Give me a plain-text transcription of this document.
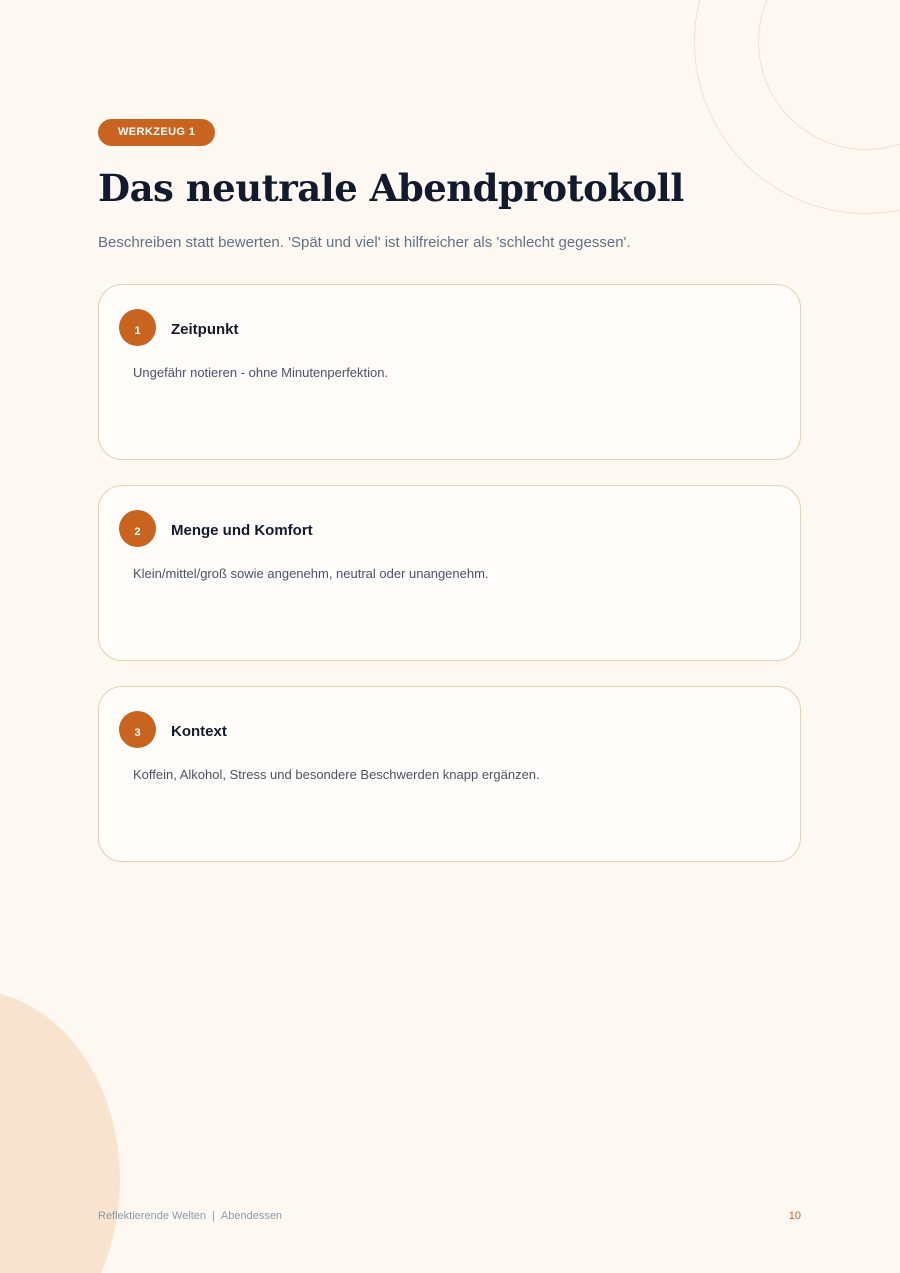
WERKZEUG 1
Das neutrale Abendprotokoll

Beschreiben statt bewerten. 'Spät und viel' ist hilfreicher als 'schlecht gegessen'.

1	Zeitpunkt

Ungefähr notieren - ohne Minutenperfektion.

2	Menge und Komfort

Klein/mittel/groß sowie angenehm, neutral oder unangenehm.

3	Kontext

Koffein, Alkohol, Stress und besondere Beschwerden knapp ergänzen.

Reflektierende Welten | Abendessen	10
